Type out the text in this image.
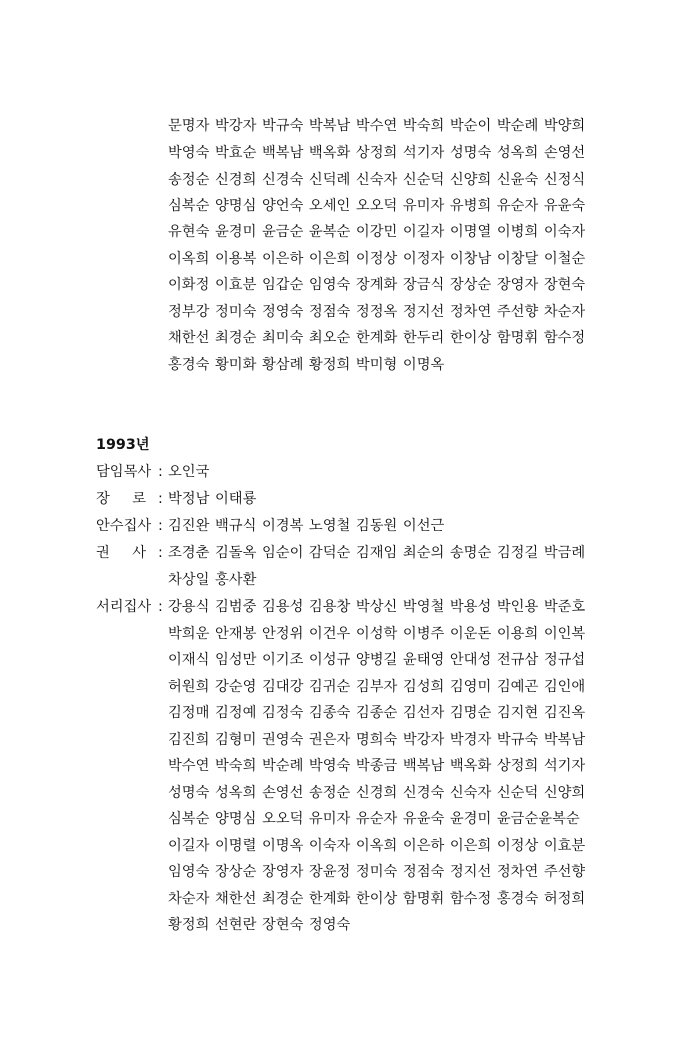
문명자 박강자 박규숙 박복남 박수연 박숙희 박순이 박순례 박양희
박영숙 박효순 백복남 백옥화 상정희 석기자 성명숙 성옥희 손영선
송정순 신경희 신경숙 신덕례 신숙자 신순덕 신양희 신윤숙 신정식
심복순 양명심 양언숙 오세인 오오덕 유미자 유병희 유순자 유윤숙
유현숙 윤경미 윤금순 윤복순 이강민 이길자 이명열 이병희 이숙자
이옥희 이용복 이은하 이은희 이정상 이정자 이창남 이창달 이철순
이화정 이효분 임갑순 임영숙 장계화 장금식 장상순 장영자 장현숙
정부강 정미숙 정영숙 정점숙 정정옥 정지선 정차연 주선향 차순자
채한선 최경순 최미숙 최오순 한계화 한두리 한이상 함명휘 함수정
홍경숙 황미화 황삼례 황정희 박미형 이명옥
1993년
담임목사 : 오인국
장 로 : 박정남 이태룡
안수집사 : 김진완 백규식 이경복 노영철 김동원 이선근
권 사 : 조경춘 김돌옥 임순이 감덕순 김재임 최순의 송명순 김정길 박금례
차상일 홍사환
서리집사 : 강용식 김범중 김용성 김용창 박상신 박영철 박용성 박인용 박준호
박희운 안재봉 안정위 이건우 이성학 이병주 이운돈 이용희 이인복
이재식 임성만 이기조 이성규 양병길 윤태영 안대성 전규삼 정규섭
허원희 강순영 김대강 김귀순 김부자 김성희 김영미 김예곤 김인애
김정매 김정예 김정숙 김종숙 김종순 김선자 김명순 김지현 김진옥
김진희 김형미 권영숙 권은자 명희숙 박강자 박경자 박규숙 박복남
박수연 박숙희 박순례 박영숙 박종금 백복남 백옥화 상정희 석기자
성명숙 성옥희 손영선 송정순 신경희 신경숙 신숙자 신순덕 신양희
심복순 양명심 오오덕 유미자 유순자 유윤숙 윤경미 윤금순윤복순
이길자 이명렬 이명옥 이숙자 이옥희 이은하 이은희 이정상 이효분
임영숙 장상순 장영자 장윤정 정미숙 정점숙 정지선 정차연 주선향
차순자 채한선 최경순 한계화 한이상 함명휘 함수정 홍경숙 허정희
황정희 선현란 장현숙 정영숙
